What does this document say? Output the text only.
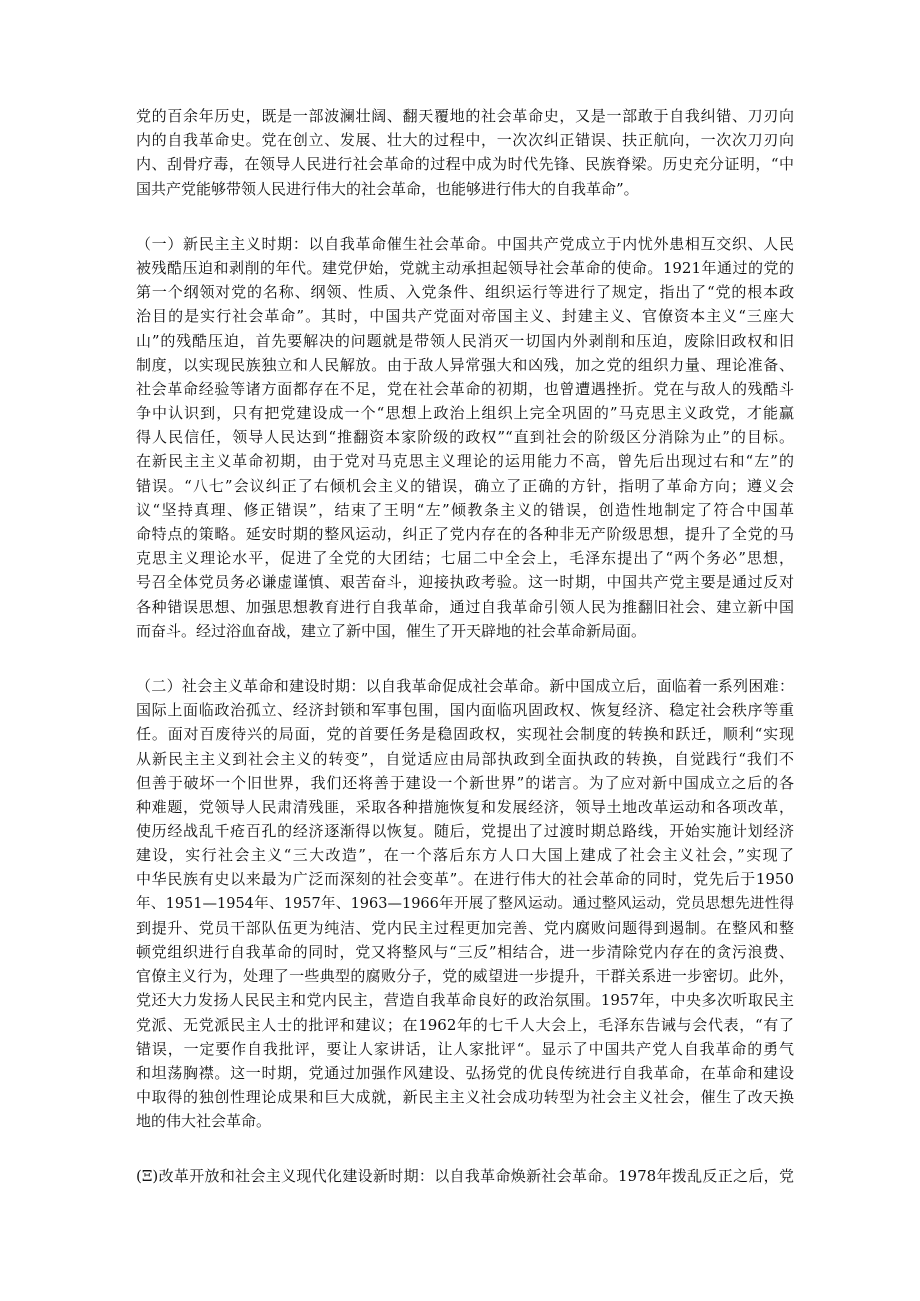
党的百余年历史，既是一部波澜壮阔、翻天覆地的社会革命史，又是一部敢于自我纠错、刀刃向
内的自我革命史。党在创立、发展、壮大的过程中，一次次纠正错误、扶正航向，一次次刀刃向
内、刮骨疗毒，在领导人民进行社会革命的过程中成为时代先锋、民族脊梁。历史充分证明，“中
国共产党能够带领人民进行伟大的社会革命，也能够进行伟大的自我革命”。
（一）新民主主义时期：以自我革命催生社会革命。中国共产党成立于内忧外患相互交织、人民
被残酷压迫和剥削的年代。建党伊始，党就主动承担起领导社会革命的使命。1921年通过的党的
第一个纲领对党的名称、纲领、性质、入党条件、组织运行等进行了规定，指出了“党的根本政
治目的是实行社会革命”。其时，中国共产党面对帝国主义、封建主义、官僚资本主义“三座大
山”的残酷压迫，首先要解决的问题就是带领人民消灭一切国内外剥削和压迫，废除旧政权和旧
制度，以实现民族独立和人民解放。由于敌人异常强大和凶残，加之党的组织力量、理论准备、
社会革命经验等诸方面都存在不足，党在社会革命的初期，也曾遭遇挫折。党在与敌人的残酷斗
争中认识到，只有把党建设成一个“思想上政治上组织上完全巩固的”马克思主义政党，才能赢
得人民信任，领导人民达到“推翻资本家阶级的政权”“直到社会的阶级区分消除为止”的目标。
在新民主主义革命初期，由于党对马克思主义理论的运用能力不高，曾先后出现过右和“左”的
错误。“八七”会议纠正了右倾机会主义的错误，确立了正确的方针，指明了革命方向；遵义会
议“坚持真理、修正错误”，结束了王明“左”倾教条主义的错误，创造性地制定了符合中国革
命特点的策略。延安时期的整风运动，纠正了党内存在的各种非无产阶级思想，提升了全党的马
克思主义理论水平，促进了全党的大团结；七届二中全会上，毛泽东提出了“两个务必”思想，
号召全体党员务必谦虚谨慎、艰苦奋斗，迎接执政考验。这一时期，中国共产党主要是通过反对
各种错误思想、加强思想教育进行自我革命，通过自我革命引领人民为推翻旧社会、建立新中国
而奋斗。经过浴血奋战，建立了新中国，催生了开天辟地的社会革命新局面。
（二）社会主义革命和建设时期：以自我革命促成社会革命。新中国成立后，面临着一系列困难：
国际上面临政治孤立、经济封锁和军事包围，国内面临巩固政权、恢复经济、稳定社会秩序等重
任。面对百废待兴的局面，党的首要任务是稳固政权，实现社会制度的转换和跃迁，顺利“实现
从新民主主义到社会主义的转变”，自觉适应由局部执政到全面执政的转换，自觉践行“我们不
但善于破坏一个旧世界，我们还将善于建设一个新世界”的诺言。为了应对新中国成立之后的各
种难题，党领导人民肃清残匪，采取各种措施恢复和发展经济，领导土地改革运动和各项改革，
使历经战乱千疮百孔的经济逐渐得以恢复。随后，党提出了过渡时期总路线，开始实施计划经济
建设，实行社会主义“三大改造”，在一个落后东方人口大国上建成了社会主义社会，”实现了
中华民族有史以来最为广泛而深刻的社会变革”。在进行伟大的社会革命的同时，党先后于1950
年、1951—1954年、1957年、1963—1966年开展了整风运动。通过整风运动，党员思想先进性得
到提升、党员干部队伍更为纯洁、党内民主过程更加完善、党内腐败问题得到遏制。在整风和整
顿党组织进行自我革命的同时，党又将整风与“三反”相结合，进一步清除党内存在的贪污浪费、
官僚主义行为，处理了一些典型的腐败分子，党的威望进一步提升，干群关系进一步密切。此外，
党还大力发扬人民民主和党内民主，营造自我革命良好的政治氛围。1957年，中央多次听取民主
党派、无党派民主人士的批评和建议；在1962年的七千人大会上，毛泽东告诫与会代表，“有了
错误，一定要作自我批评，要让人家讲话，让人家批评“。显示了中国共产党人自我革命的勇气
和坦荡胸襟。这一时期，党通过加强作风建设、弘扬党的优良传统进行自我革命，在革命和建设
中取得的独创性理论成果和巨大成就，新民主主义社会成功转型为社会主义社会，催生了改天换
地的伟大社会革命。
(Ξ)改革开放和社会主义现代化建设新时期：以自我革命焕新社会革命。1978年拨乱反正之后，党
